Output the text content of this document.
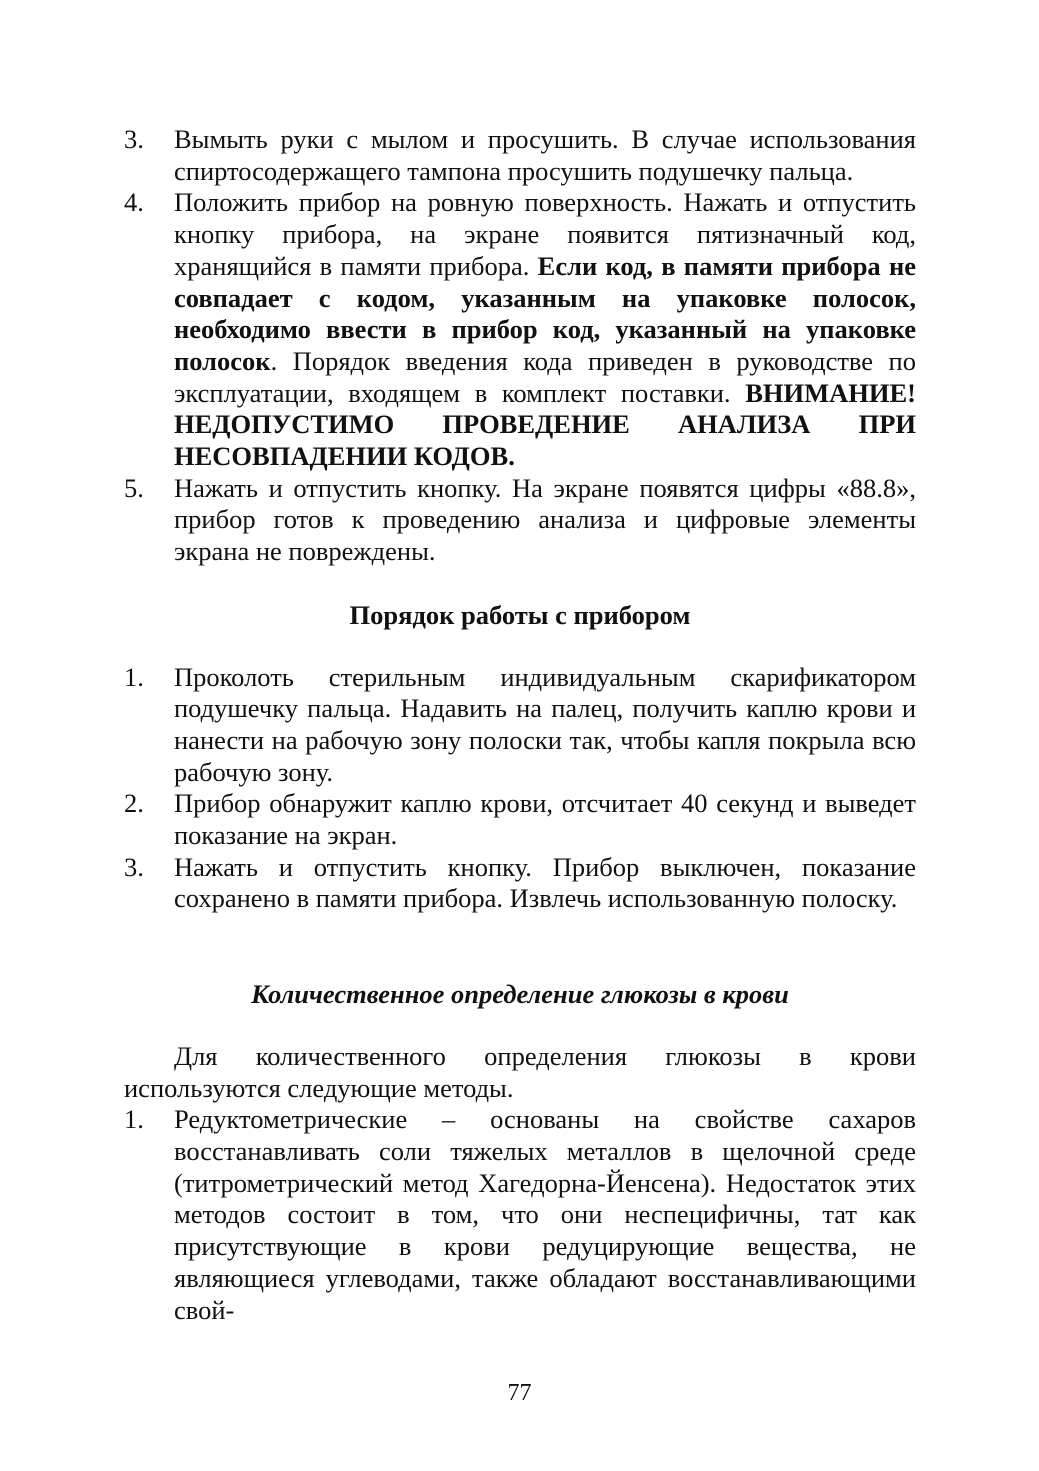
3. Вымыть руки с мылом и просушить. В случае использования спиртосодержащего тампона просушить подушечку пальца.
4. Положить прибор на ровную поверхность. Нажать и отпустить кнопку прибора, на экране появится пятизначный код, хранящийся в памяти прибора. Если код, в памяти прибора не совпадает с кодом, указанным на упаковке полосок, необходимо ввести в прибор код, указанный на упаковке полосок. Порядок введения кода приведен в руководстве по эксплуатации, входящем в комплект поставки. ВНИМАНИЕ! НЕДОПУСТИМО ПРОВЕДЕНИЕ АНАЛИЗА ПРИ НЕСОВПАДЕНИИ КОДОВ.
5. Нажать и отпустить кнопку. На экране появятся цифры «88.8», прибор готов к проведению анализа и цифровые элементы экрана не повреждены.
Порядок работы с прибором
1. Проколоть стерильным индивидуальным скарификатором подушечку пальца. Надавить на палец, получить каплю крови и нанести на рабочую зону полоски так, чтобы капля покрыла всю рабочую зону.
2. Прибор обнаружит каплю крови, отсчитает 40 секунд и выведет показание на экран.
3. Нажать и отпустить кнопку. Прибор выключен, показание сохранено в памяти прибора. Извлечь использованную полоску.
Количественное определение глюкозы в крови

Для количественного определения глюкозы в крови используются следующие методы.

1. Редуктометрические – основаны на свойстве сахаров восстанавливать соли тяжелых металлов в щелочной среде (титрометрический метод Хагедорна-Йенсена). Недостаток этих методов состоит в том, что они неспецифичны, тат как присутствующие в крови редуцирующие вещества, не являющиеся углеводами, также обладают восстанавливающими свой-
77
